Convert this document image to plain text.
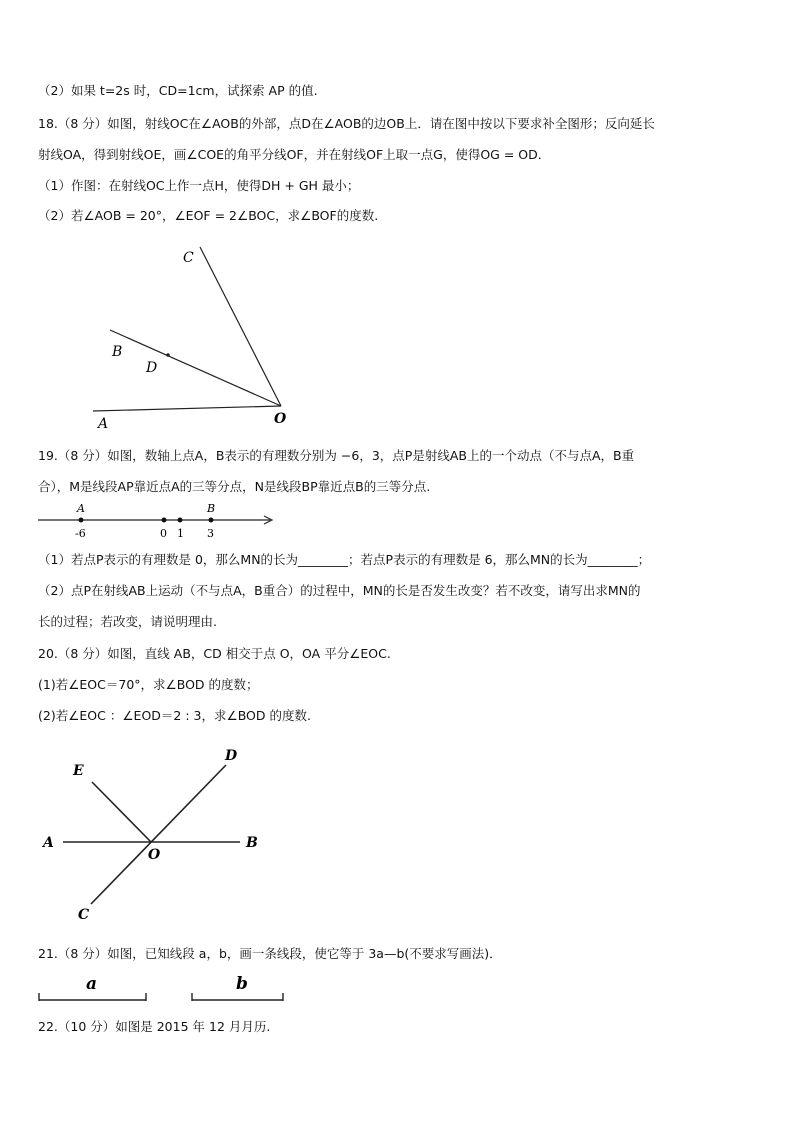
（2）如果 t=2s 时，CD=1cm，试探索 AP 的值.
18.（8 分）如图，射线OC在∠AOB的外部，点D在∠AOB的边OB上．请在图中按以下要求补全图形；反向延长
射线OA，得到射线OE，画∠COE的角平分线OF，并在射线OF上取一点G，使得OG = OD．
（1）作图：在射线OC上作一点H，使得DH + GH 最小；
（2）若∠AOB = 20°，∠EOF = 2∠BOC，求∠BOF的度数.
C
B
D
A	O
19.（8 分）如图，数轴上点A，B表示的有理数分别为 −6，3，点P是射线AB上的一个动点（不与点A，B重
合），M是线段AP靠近点A的三等分点，N是线段BP靠近点B的三等分点.
A	B
-6	0 1 3
（1）若点P表示的有理数是 0，那么MN的长为________；若点P表示的有理数是 6，那么MN的长为________；
（2）点P在射线AB上运动（不与点A，B重合）的过程中，MN的长是否发生改变？若不改变，请写出求MN的
长的过程；若改变，请说明理由.
20.（8 分）如图，直线 AB，CD 相交于点 O，OA 平分∠EOC.
(1)若∠EOC＝70°，求∠BOD 的度数；
(2)若∠EOC ：∠EOD＝2 : 3，求∠BOD 的度数.
E
D
A
O
B
C
21.（8 分）如图，已知线段 a，b，画一条线段，使它等于 3a—b(不要求写画法)．
a	b
22.（10 分）如图是 2015 年 12 月月历.
